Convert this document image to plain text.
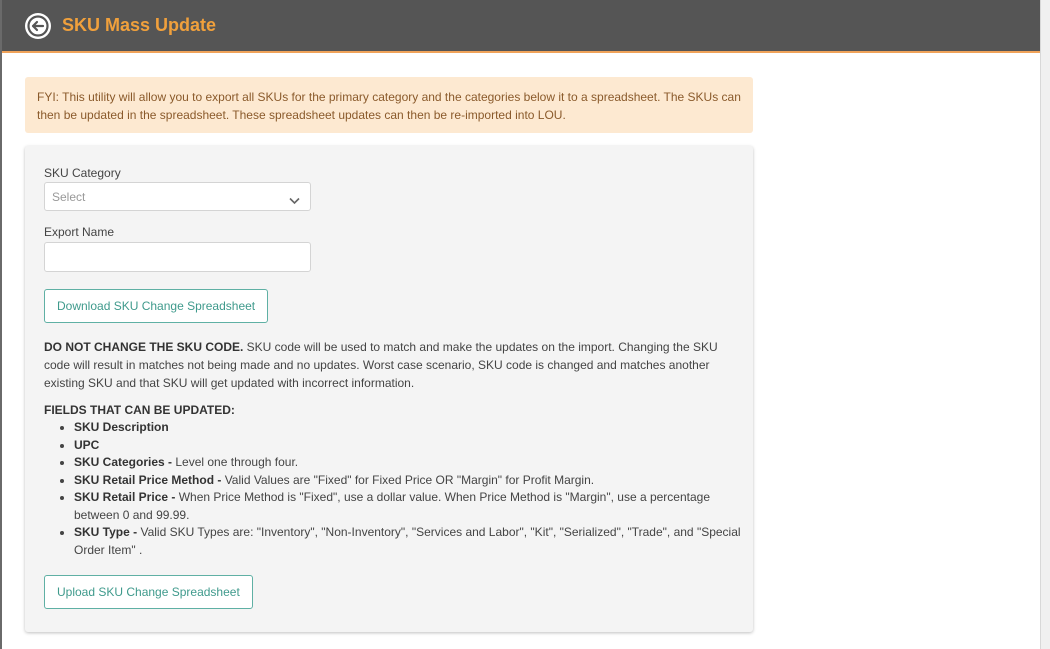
SKU Mass Update
FYI: This utility will allow you to export all SKUs for the primary category and the categories below it to a spreadsheet. The SKUs can then be updated in the spreadsheet. These spreadsheet updates can then be re-imported into LOU.
SKU Category
Select
Export Name
Download SKU Change Spreadsheet
DO NOT CHANGE THE SKU CODE. SKU code will be used to match and make the updates on the import. Changing the SKU code will result in matches not being made and no updates. Worst case scenario, SKU code is changed and matches another existing SKU and that SKU will get updated with incorrect information.
FIELDS THAT CAN BE UPDATED:
• SKU Description
• UPC
• SKU Categories - Level one through four.
• SKU Retail Price Method - Valid Values are "Fixed" for Fixed Price OR "Margin" for Profit Margin.
• SKU Retail Price - When Price Method is "Fixed", use a dollar value. When Price Method is "Margin", use a percentage between 0 and 99.99.
• SKU Type - Valid SKU Types are: "Inventory", "Non-Inventory", "Services and Labor", "Kit", "Serialized", "Trade", and "Special Order Item" .
Upload SKU Change Spreadsheet
